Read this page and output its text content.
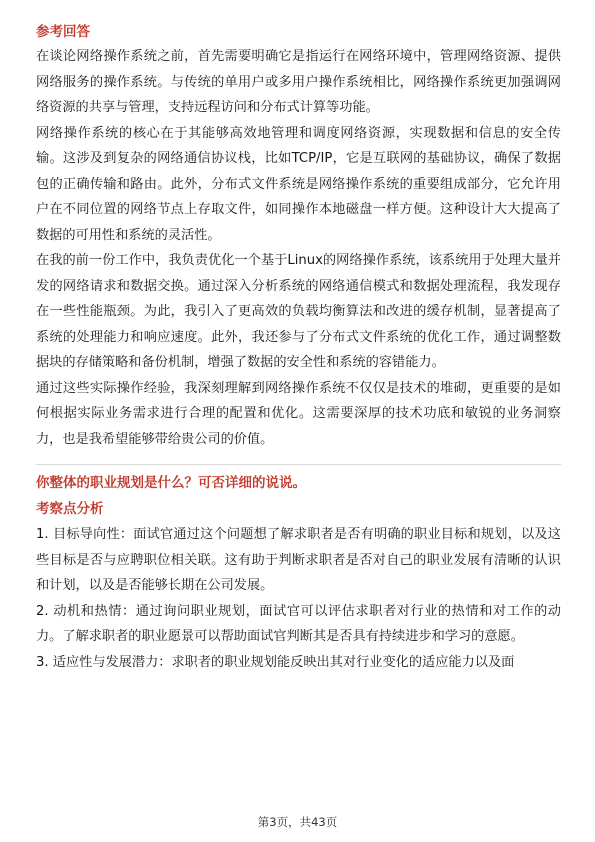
参考回答

在谈论网络操作系统之前，首先需要明确它是指运行在网络环境中，管理网络资源、提供网络服务的操作系统。与传统的单用户或多用户操作系统相比，网络操作系统更加强调网络资源的共享与管理，支持远程访问和分布式计算等功能。

网络操作系统的核心在于其能够高效地管理和调度网络资源，实现数据和信息的安全传输。这涉及到复杂的网络通信协议栈，比如TCP/IP，它是互联网的基础协议，确保了数据包的正确传输和路由。此外，分布式文件系统是网络操作系统的重要组成部分，它允许用户在不同位置的网络节点上存取文件，如同操作本地磁盘一样方便。这种设计大大提高了数据的可用性和系统的灵活性。

在我的前一份工作中，我负责优化一个基于Linux的网络操作系统，该系统用于处理大量并发的网络请求和数据交换。通过深入分析系统的网络通信模式和数据处理流程，我发现存在一些性能瓶颈。为此，我引入了更高效的负载均衡算法和改进的缓存机制，显著提高了系统的处理能力和响应速度。此外，我还参与了分布式文件系统的优化工作，通过调整数据块的存储策略和备份机制，增强了数据的安全性和系统的容错能力。

通过这些实际操作经验，我深刻理解到网络操作系统不仅仅是技术的堆砌，更重要的是如何根据实际业务需求进行合理的配置和优化。这需要深厚的技术功底和敏锐的业务洞察力，也是我希望能够带给贵公司的价值。

你整体的职业规划是什么？可否详细的说说。
考察点分析

1. 目标导向性：面试官通过这个问题想了解求职者是否有明确的职业目标和规划，以及这些目标是否与应聘职位相关联。这有助于判断求职者是否对自己的职业发展有清晰的认识和计划，以及是否能够长期在公司发展。

2. 动机和热情：通过询问职业规划，面试官可以评估求职者对行业的热情和对工作的动力。了解求职者的职业愿景可以帮助面试官判断其是否具有持续进步和学习的意愿。

3. 适应性与发展潜力：求职者的职业规划能反映出其对行业变化的适应能力以及面

第3页，共43页
